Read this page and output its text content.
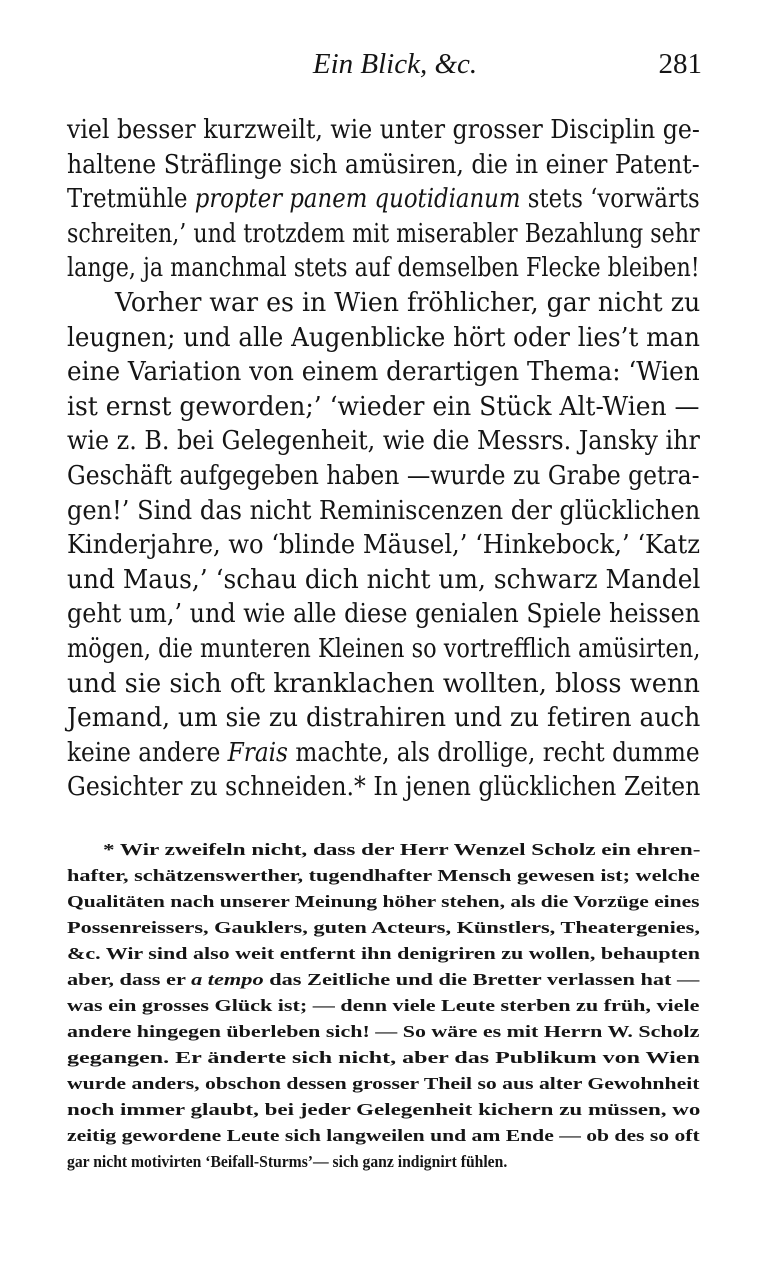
Ein Blick, &c.	281
viel besser kurzweilt, wie unter grosser Disciplin ge-
haltene Sträflinge sich amüsiren, die in einer Patent-
Tretmühle propter panem quotidianum stets ‘vorwärts
schreiten,’ und trotzdem mit miserabler Bezahlung sehr
lange, ja manchmal stets auf demselben Flecke bleiben!
Vorher war es in Wien fröhlicher, gar nicht zu
leugnen; und alle Augenblicke hört oder lies’t man
eine Variation von einem derartigen Thema: ‘Wien
ist ernst geworden;’ ‘wieder ein Stück Alt-Wien —
wie z. B. bei Gelegenheit, wie die Messrs. Jansky ihr
Geschäft aufgegeben haben —wurde zu Grabe getra-
gen!’ Sind das nicht Reminiscenzen der glücklichen
Kinderjahre, wo ‘blinde Mäusel,’ ‘Hinkebock,’ ‘Katz
und Maus,’ ‘schau dich nicht um, schwarz Mandel
geht um,’ und wie alle diese genialen Spiele heissen
mögen, die munteren Kleinen so vortrefflich amüsirten,
und sie sich oft kranklachen wollten, bloss wenn
Jemand, um sie zu distrahiren und zu fetiren auch
keine andere Frais machte, als drollige, recht dumme
Gesichter zu schneiden.* In jenen glücklichen Zeiten
* Wir zweifeln nicht, dass der Herr Wenzel Scholz ein ehren-
hafter, schätzenswerther, tugendhafter Mensch gewesen ist; welche
Qualitäten nach unserer Meinung höher stehen, als die Vorzüge eines
Possenreissers, Gauklers, guten Acteurs, Künstlers, Theatergenies,
&c. Wir sind also weit entfernt ihn denigriren zu wollen, behaupten
aber, dass er a tempo das Zeitliche und die Bretter verlassen hat —
was ein grosses Glück ist; — denn viele Leute sterben zu früh, viele
andere hingegen überleben sich! — So wäre es mit Herrn W. Scholz
gegangen. Er änderte sich nicht, aber das Publikum von Wien
wurde anders, obschon dessen grosser Theil so aus alter Gewohnheit
noch immer glaubt, bei jeder Gelegenheit kichern zu müssen, wo
zeitig gewordene Leute sich langweilen und am Ende — ob des so oft
gar nicht motivirten ‘Beifall-Sturms’— sich ganz indignirt fühlen.
